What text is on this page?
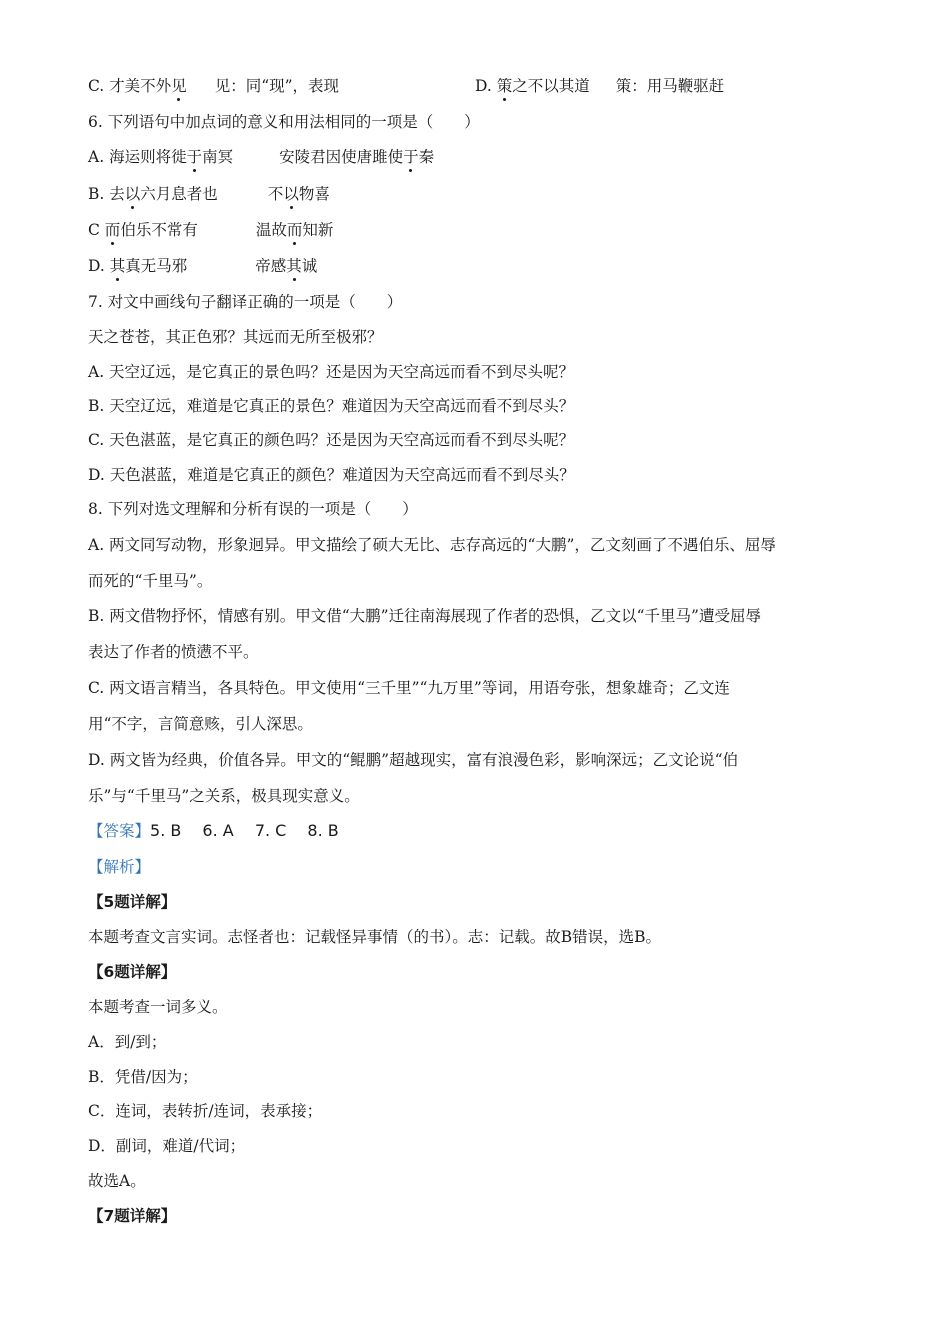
C. 才美不外见 见：同“现”，表现	D. 策之不以其道 策：用马鞭驱赶
6. 下列语句中加点词的意义和用法相同的一项是（　　）
A. 海运则将徙于南冥	安陵君因使唐雎使于秦
B. 去以六月息者也	不以物喜
C 而伯乐不常有	温故而知新
D. 其真无马邪	帝感其诚
7. 对文中画线句子翻译正确的一项是（　　）
天之苍苍，其正色邪？其远而无所至极邪？
A. 天空辽远，是它真正的景色吗？还是因为天空高远而看不到尽头呢？
B. 天空辽远，难道是它真正的景色？难道因为天空高远而看不到尽头？
C. 天色湛蓝，是它真正的颜色吗？还是因为天空高远而看不到尽头呢？
D. 天色湛蓝，难道是它真正的颜色？难道因为天空高远而看不到尽头？
8. 下列对选文理解和分析有误的一项是（　　）
A. 两文同写动物，形象迥异。甲文描绘了硕大无比、志存高远的“大鹏”，乙文刻画了不遇伯乐、屈辱
而死的“千里马”。
B. 两文借物抒怀，情感有别。甲文借“大鹏”迁往南海展现了作者的恐惧，乙文以“千里马”遭受屈辱
表达了作者的愤懑不平。
C. 两文语言精当，各具特色。甲文使用“三千里”“九万里”等词，用语夸张，想象雄奇；乙文连
用“不字，言简意赅，引人深思。
D. 两文皆为经典，价值各异。甲文的“鲲鹏”超越现实，富有浪漫色彩，影响深远；乙文论说“伯
乐”与“千里马”之关系，极具现实意义。
【答案】5. B　 6. A　 7. C　 8. B
【解析】
【5题详解】
本题考查文言实词。志怪者也：记载怪异事情（的书）。志：记载。故B错误，选B。
【6题详解】
本题考查一词多义。
A．到/到；
B．凭借/因为；
C．连词，表转折/连词，表承接；
D．副词，难道/代词；
故选A。
【7题详解】
